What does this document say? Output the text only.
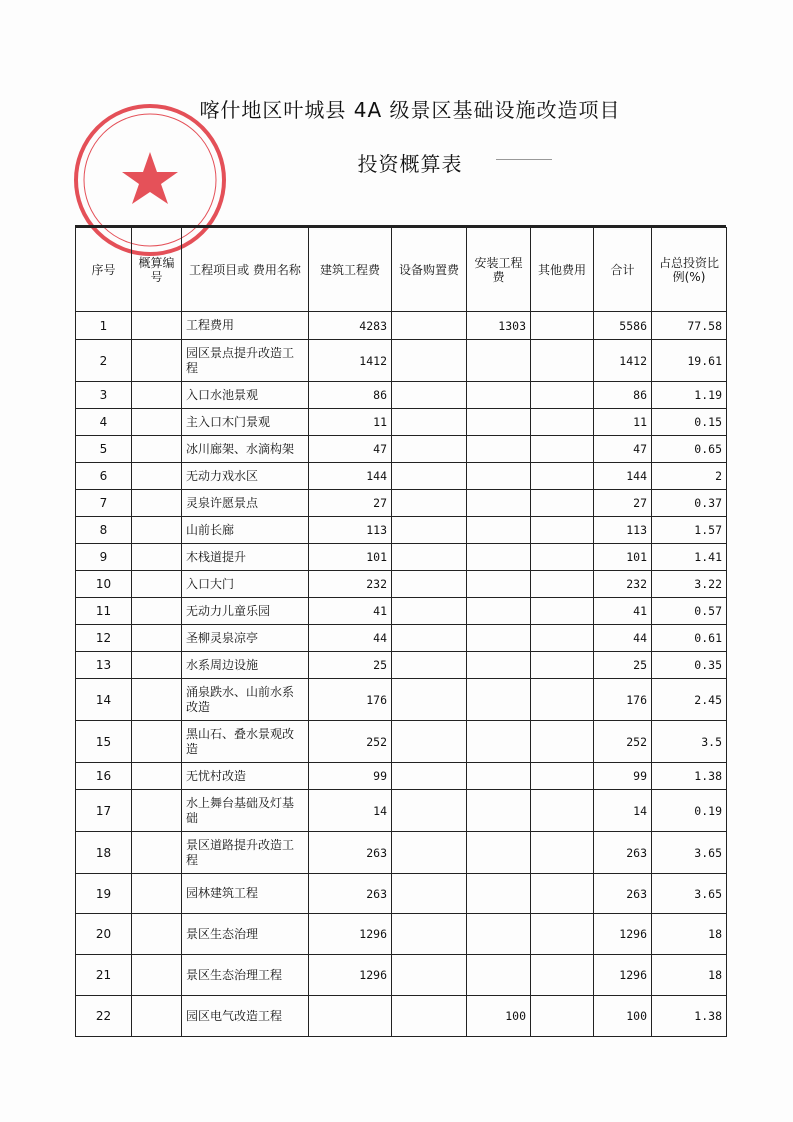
喀什地区叶城县 4A 级景区基础设施改造项目
投资概算表
序号	概算编号	工程项目或 费用名称	建筑工程费	设备购置费	安装工程费	其他费用	合计	占总投资比例(%)
1		工程费用	4283		1303		5586	77.58
2		园区景点提升改造工 程	1412				1412	19.61
3		入口水池景观	86				86	1.19
4		主入口木门景观	11				11	0.15
5		冰川廊架、水滴构架	47				47	0.65
6		无动力戏水区	144				144	2
7		灵泉许愿景点	27				27	0.37
8		山前长廊	113				113	1.57
9		木栈道提升	101				101	1.41
10		入口大门	232				232	3.22
11		无动力儿童乐园	41				41	0.57
12		圣柳灵泉凉亭	44				44	0.61
13		水系周边设施	25				25	0.35
14		涌泉跌水、山前水系 改造	176				176	2.45
15		黑山石、叠水景观改 造	252				252	3.5
16		无忧村改造	99				99	1.38
17		水上舞台基础及灯基 础	14				14	0.19
18		景区道路提升改造工 程	263				263	3.65
19		园林建筑工程	263				263	3.65
20		景区生态治理	1296				1296	18
21		景区生态治理工程	1296				1296	18
22		园区电气改造工程			100		100	1.38
